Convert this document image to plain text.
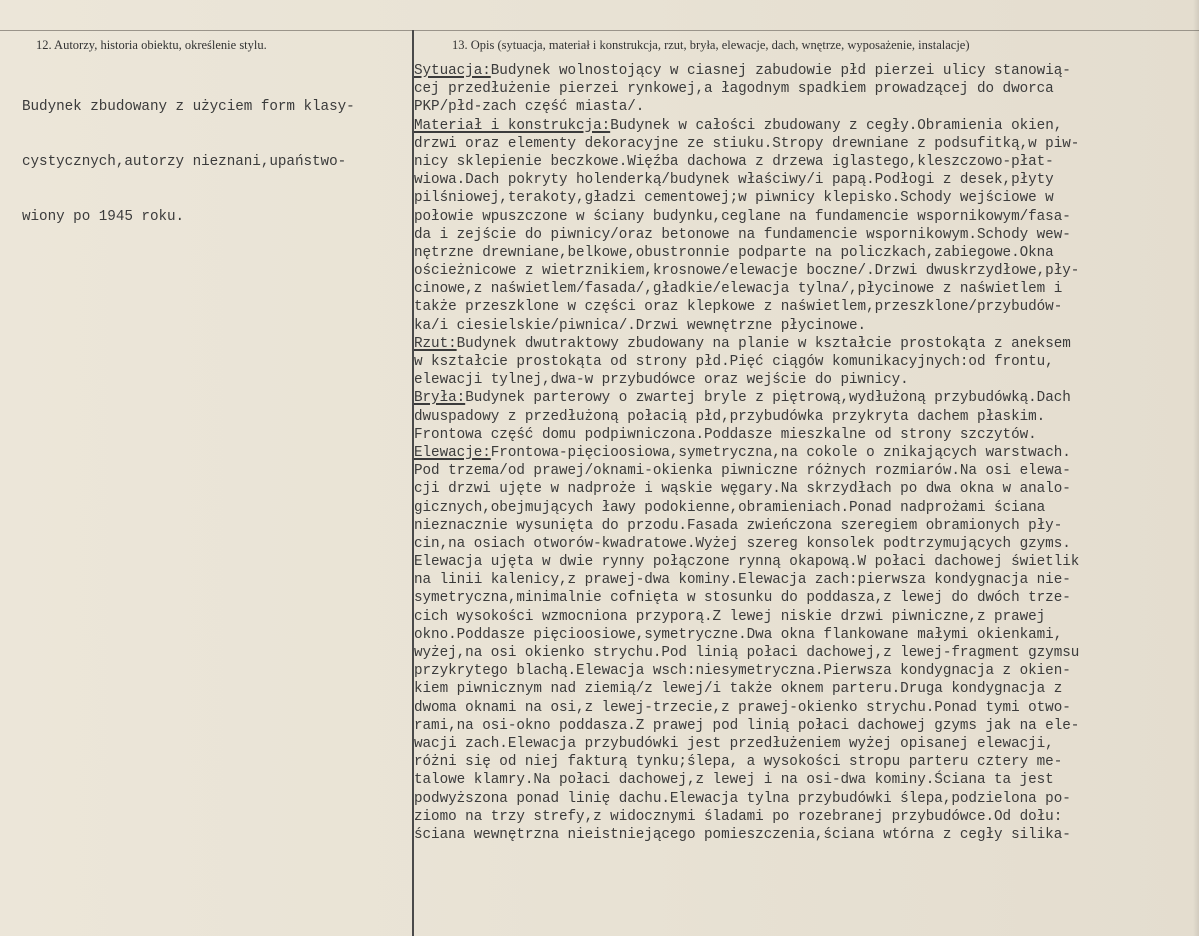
12. Autorzy, historia obiektu, określenie stylu.	13. Opis (sytuacja, materiał i konstrukcja, rzut, bryła, elewacje, dach, wnętrze, wyposażenie, instalacje)

Budynek zbudowany z użyciem form klasy-

cystycznych,autorzy nieznani,upaństwo-

wiony po 1945 roku.

Sytuacja:Budynek wolnostojący w ciasnej zabudowie płd pierzei ulicy stanowią-
cej przedłużenie pierzei rynkowej,a łagodnym spadkiem prowadzącej do dworca
PKP/płd-zach część miasta/.
Materiał i konstrukcja:Budynek w całości zbudowany z cegły.Obramienia okien,
drzwi oraz elementy dekoracyjne ze stiuku.Stropy drewniane z podsufitką,w piw-
nicy sklepienie beczkowe.Więźba dachowa z drzewa iglastego,kleszczowo-płat-
wiowa.Dach pokryty holenderką/budynek właściwy/i papą.Podłogi z desek,płyty
pilśniowej,terakoty,gładzi cementowej;w piwnicy klepisko.Schody wejściowe w
połowie wpuszczone w ściany budynku,ceglane na fundamencie wspornikowym/fasa-
da i zejście do piwnicy/oraz betonowe na fundamencie wspornikowym.Schody wew-
nętrzne drewniane,belkowe,obustronnie podparte na policzkach,zabiegowe.Okna
ościeżnicowe z wietrznikiem,krosnowe/elewacje boczne/.Drzwi dwuskrzydłowe,pły-
cinowe,z naświetlem/fasada/,gładkie/elewacja tylna/,płycinowe z naświetlem i
także przeszklone w części oraz klepkowe z naświetlem,przeszklone/przybudów-
ka/i ciesielskie/piwnica/.Drzwi wewnętrzne płycinowe.
Rzut:Budynek dwutraktowy zbudowany na planie w kształcie prostokąta z aneksem
w kształcie prostokąta od strony płd.Pięć ciągów komunikacyjnych:od frontu,
elewacji tylnej,dwa-w przybudówce oraz wejście do piwnicy.
Bryła:Budynek parterowy o zwartej bryle z piętrową,wydłużoną przybudówką.Dach
dwuspadowy z przedłużoną połacią płd,przybudówka przykryta dachem płaskim.
Frontowa część domu podpiwniczona.Poddasze mieszkalne od strony szczytów.
Elewacje:Frontowa-pięcioosiowa,symetryczna,na cokole o znikających warstwach.
Pod trzema/od prawej/oknami-okienka piwniczne różnych rozmiarów.Na osi elewa-
cji drzwi ujęte w nadproże i wąskie węgary.Na skrzydłach po dwa okna w analo-
gicznych,obejmujących ławy podokienne,obramieniach.Ponad nadprożami ściana
nieznacznie wysunięta do przodu.Fasada zwieńczona szeregiem obramionych pły-
cin,na osiach otworów-kwadratowe.Wyżej szereg konsolek podtrzymujących gzyms.
Elewacja ujęta w dwie rynny połączone rynną okapową.W połaci dachowej świetlik
na linii kalenicy,z prawej-dwa kominy.Elewacja zach:pierwsza kondygnacja nie-
symetryczna,minimalnie cofnięta w stosunku do poddasza,z lewej do dwóch trze-
cich wysokości wzmocniona przyporą.Z lewej niskie drzwi piwniczne,z prawej
okno.Poddasze pięcioosiowe,symetryczne.Dwa okna flankowane małymi okienkami,
wyżej,na osi okienko strychu.Pod linią połaci dachowej,z lewej-fragment gzymsu
przykrytego blachą.Elewacja wsch:niesymetryczna.Pierwsza kondygnacja z okien-
kiem piwnicznym nad ziemią/z lewej/i także oknem parteru.Druga kondygnacja z
dwoma oknami na osi,z lewej-trzecie,z prawej-okienko strychu.Ponad tymi otwo-
rami,na osi-okno poddasza.Z prawej pod linią połaci dachowej gzyms jak na ele-
wacji zach.Elewacja przybudówki jest przedłużeniem wyżej opisanej elewacji,
różni się od niej fakturą tynku;ślepa, a wysokości stropu parteru cztery me-
talowe klamry.Na połaci dachowej,z lewej i na osi-dwa kominy.Ściana ta jest
podwyższona ponad linię dachu.Elewacja tylna przybudówki ślepa,podzielona po-
ziomo na trzy strefy,z widocznymi śladami po rozebranej przybudówce.Od dołu:
ściana wewnętrzna nieistniejącego pomieszczenia,ściana wtórna z cegły silika-
